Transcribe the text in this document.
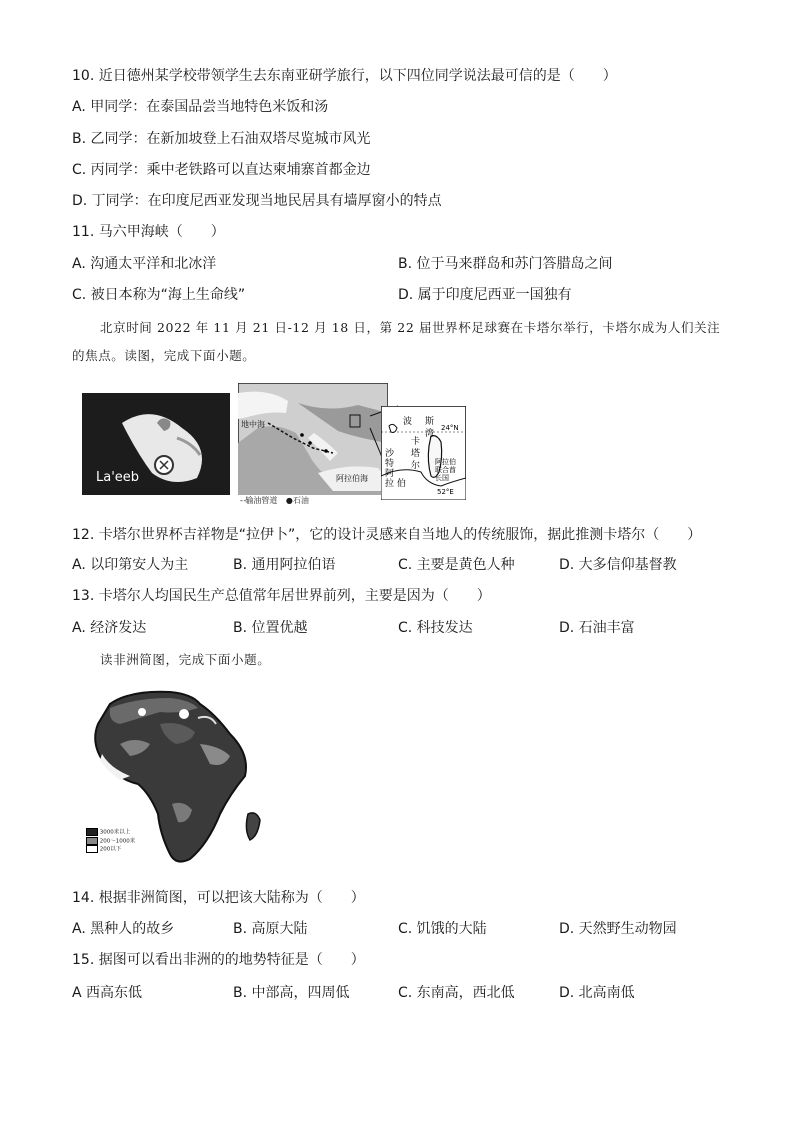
10. 近日德州某学校带领学生去东南亚研学旅行，以下四位同学说法最可信的是（　　）
A. 甲同学：在泰国品尝当地特色米饭和汤
B. 乙同学：在新加坡登上石油双塔尽览城市风光
C. 丙同学：乘中老铁路可以直达柬埔寨首都金边
D. 丁同学：在印度尼西亚发现当地民居具有墙厚窗小的特点
11. 马六甲海峡（　　）
A. 沟通太平洋和北冰洋	B. 位于马来群岛和苏门答腊岛之间
C. 被日本称为“海上生命线”	D. 属于印度尼西亚一国独有
北京时间 2022 年 11 月 21 日-12 月 18 日，第 22 届世界杯足球赛在卡塔尔举行，卡塔尔成为人们关注
的焦点。读图，完成下面小题。
La'eeb
地中海
阿拉伯海
- -输油管道 ●石油
波 斯
湾
卡
塔
尔
沙
特
阿
拉 伯
阿拉伯
联合酋
长国
24°N
52°E
12. 卡塔尔世界杯吉祥物是“拉伊卜”，它的设计灵感来自当地人的传统服饰，据此推测卡塔尔（　　）
A. 以印第安人为主	B. 通用阿拉伯语	C. 主要是黄色人种	D. 大多信仰基督教
13. 卡塔尔人均国民生产总值常年居世界前列，主要是因为（　　）
A. 经济发达	B. 位置优越	C. 科技发达	D. 石油丰富
读非洲简图，完成下面小题。
3000米以上
200～1000米
200以下
14. 根据非洲简图，可以把该大陆称为（　　）
A. 黑种人的故乡	B. 高原大陆	C. 饥饿的大陆	D. 天然野生动物园
15. 据图可以看出非洲的的地势特征是（　　）
A 西高东低	B. 中部高，四周低	C. 东南高，西北低	D. 北高南低
